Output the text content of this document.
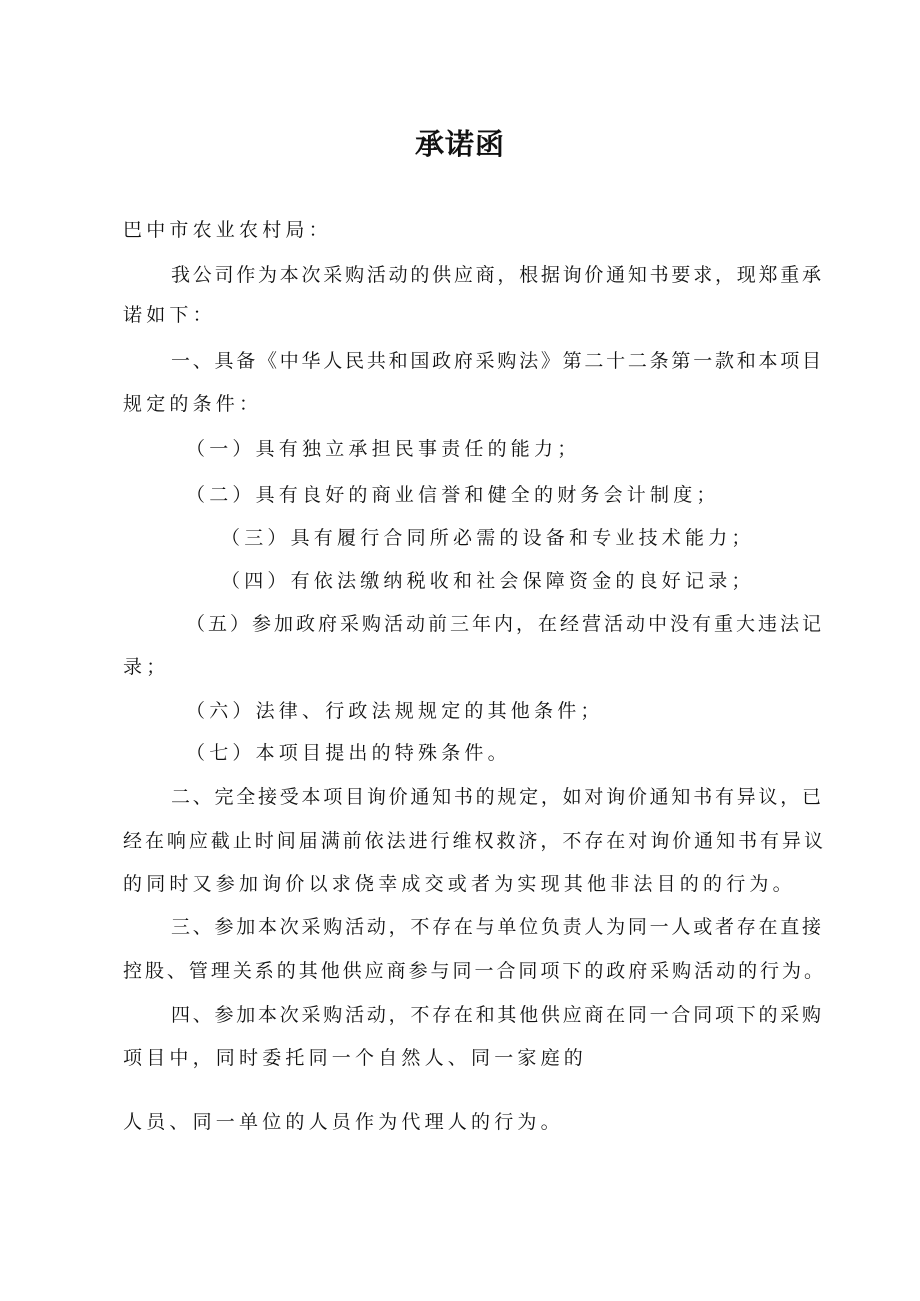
承诺函
巴中市农业农村局：
我公司作为本次采购活动的供应商，根据询价通知书要求，现郑重承
诺如下：
一、具备《中华人民共和国政府采购法》第二十二条第一款和本项目
规定的条件：
（一）具有独立承担民事责任的能力；
（二）具有良好的商业信誉和健全的财务会计制度；
（三）具有履行合同所必需的设备和专业技术能力；
（四）有依法缴纳税收和社会保障资金的良好记录；
（五）参加政府采购活动前三年内，在经营活动中没有重大违法记
录；
（六）法律、行政法规规定的其他条件；
（七）本项目提出的特殊条件。
二、完全接受本项目询价通知书的规定，如对询价通知书有异议，已
经在响应截止时间届满前依法进行维权救济，不存在对询价通知书有异议
的同时又参加询价以求侥幸成交或者为实现其他非法目的的行为。
三、参加本次采购活动，不存在与单位负责人为同一人或者存在直接
控股、管理关系的其他供应商参与同一合同项下的政府采购活动的行为。
四、参加本次采购活动，不存在和其他供应商在同一合同项下的采购
项目中，同时委托同一个自然人、同一家庭的
人员、同一单位的人员作为代理人的行为。
